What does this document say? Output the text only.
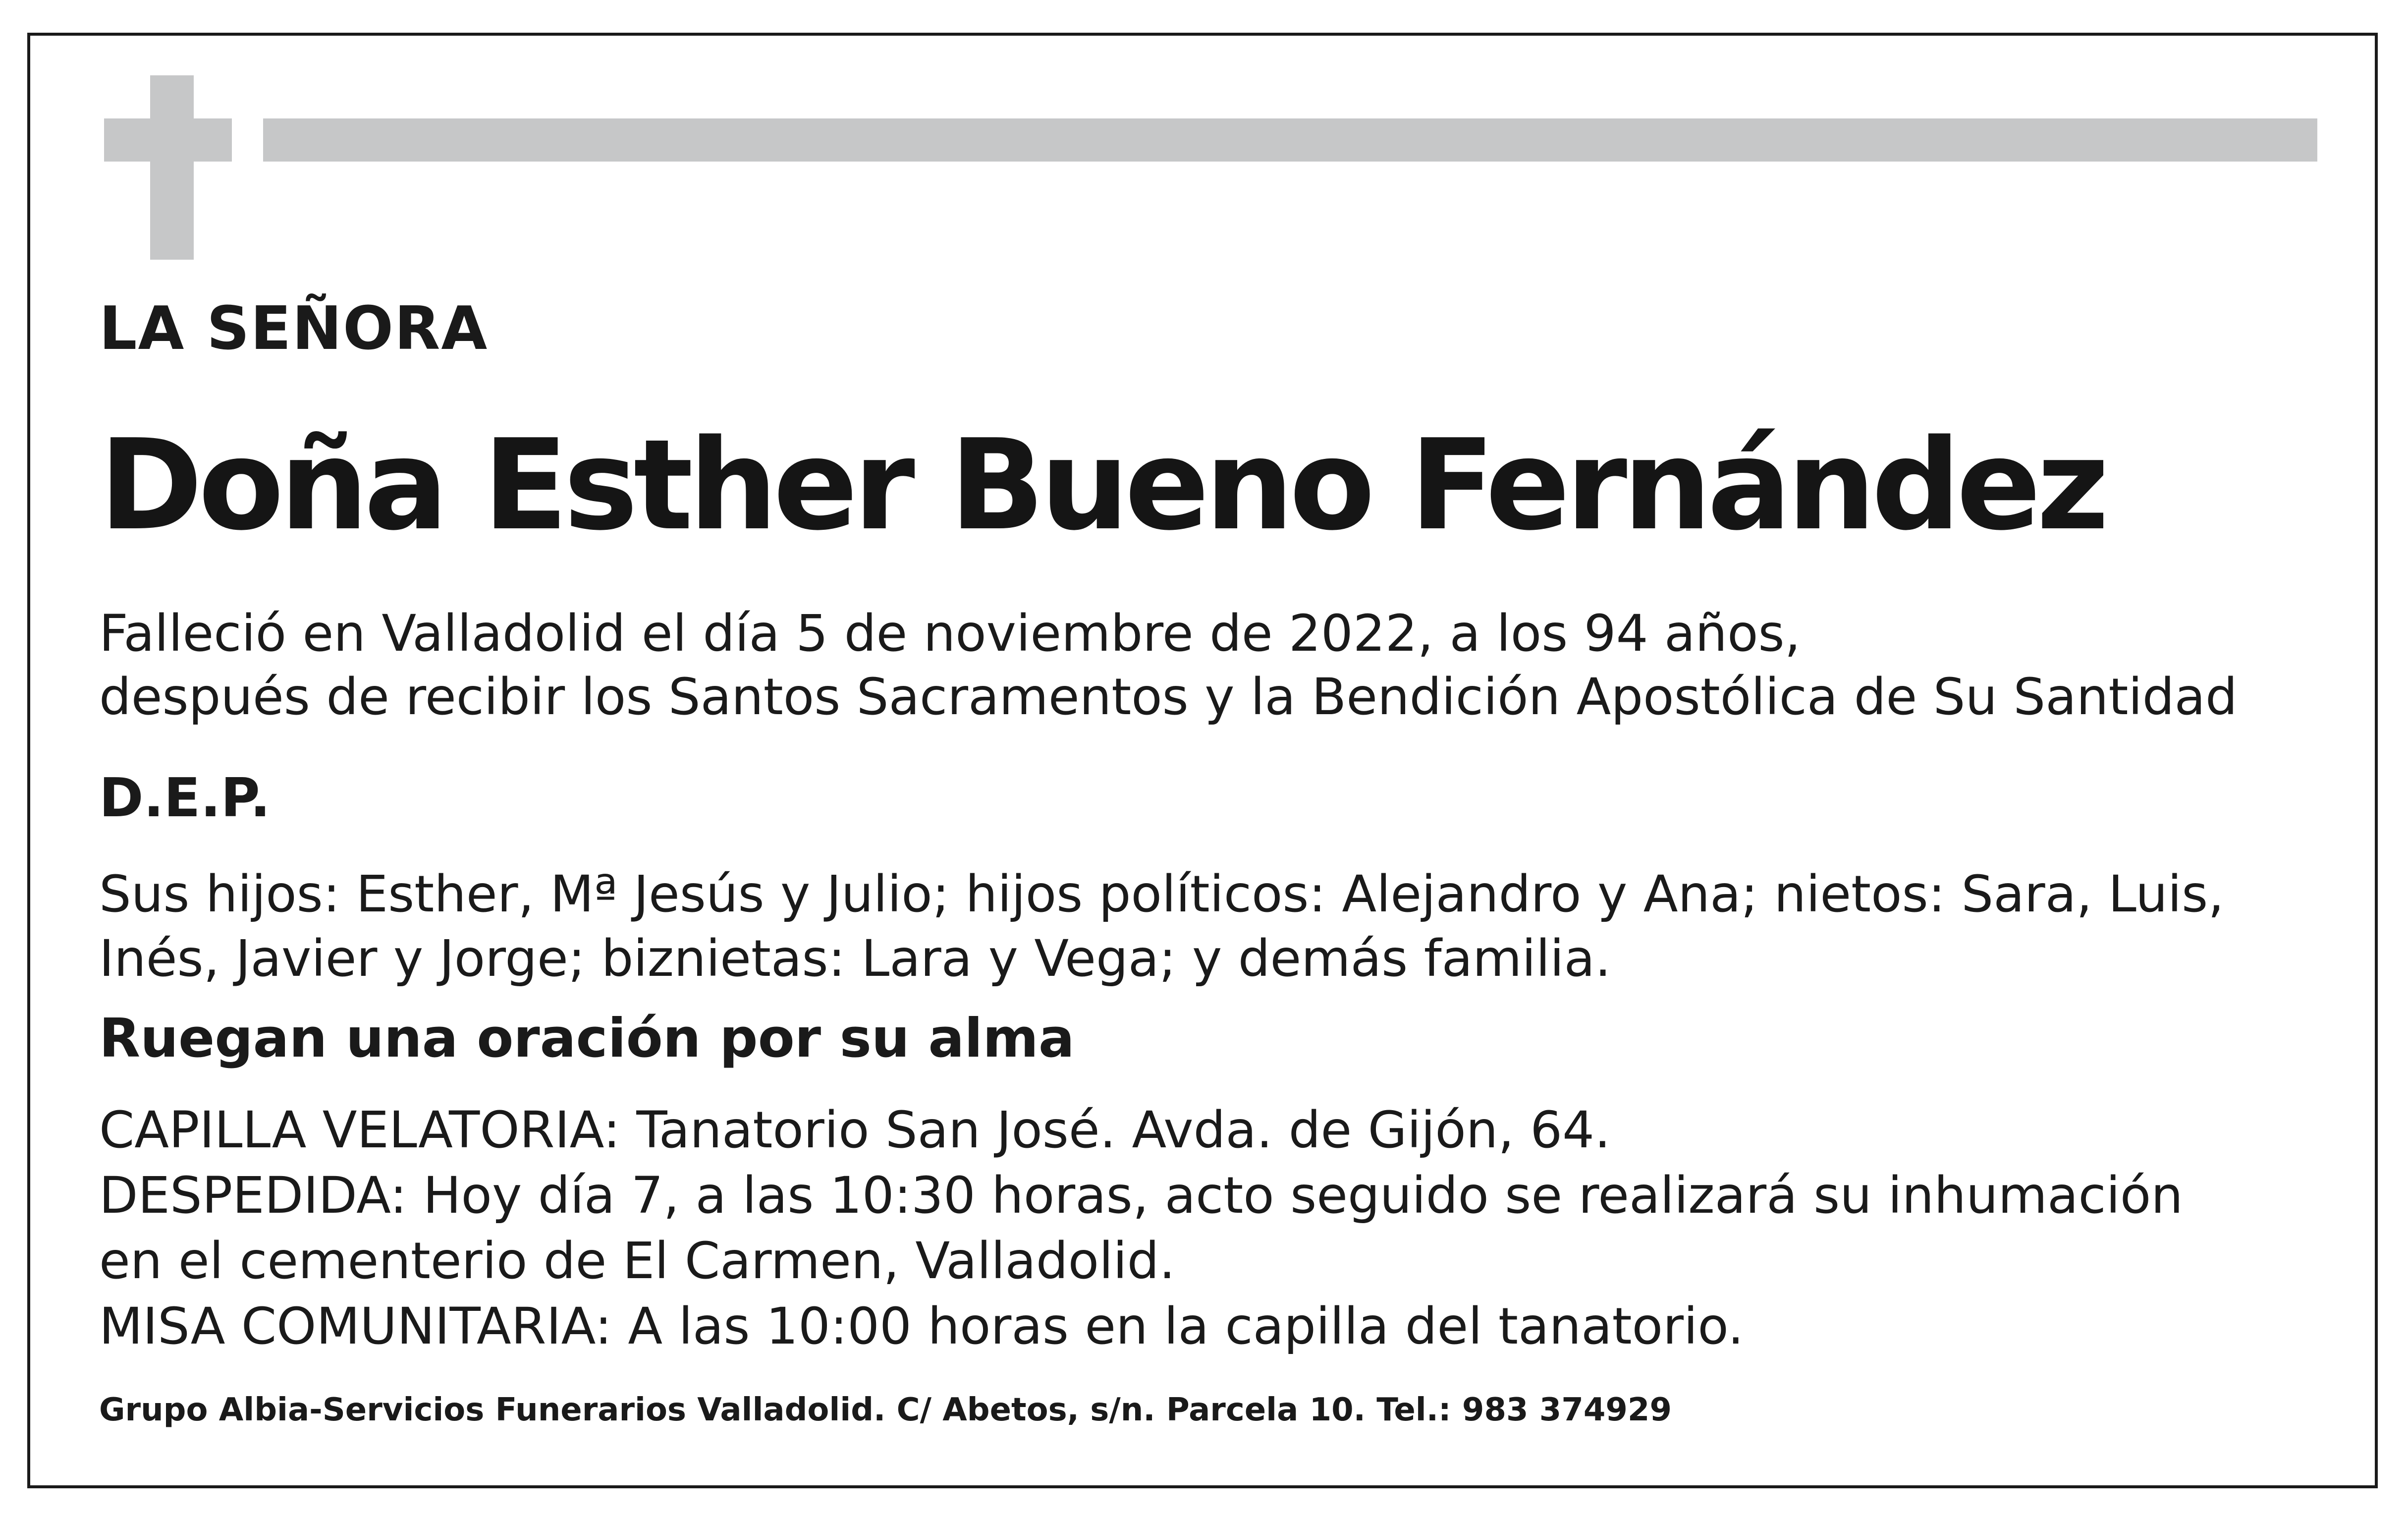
LA SEÑORA
Doña Esther Bueno Fernández
Falleció en Valladolid el día 5 de noviembre de 2022, a los 94 años,
después de recibir los Santos Sacramentos y la Bendición Apostólica de Su Santidad
D.E.P.
Sus hijos: Esther, Mª Jesús y Julio; hijos políticos: Alejandro y Ana; nietos: Sara, Luis,
Inés, Javier y Jorge; biznietas: Lara y Vega; y demás familia.
Ruegan una oración por su alma
CAPILLA VELATORIA: Tanatorio San José. Avda. de Gijón, 64.
DESPEDIDA: Hoy día 7, a las 10:30 horas, acto seguido se realizará su inhumación
en el cementerio de El Carmen, Valladolid.
MISA COMUNITARIA: A las 10:00 horas en la capilla del tanatorio.
Grupo Albia-Servicios Funerarios Valladolid. C/ Abetos, s/n. Parcela 10. Tel.: 983 374929
